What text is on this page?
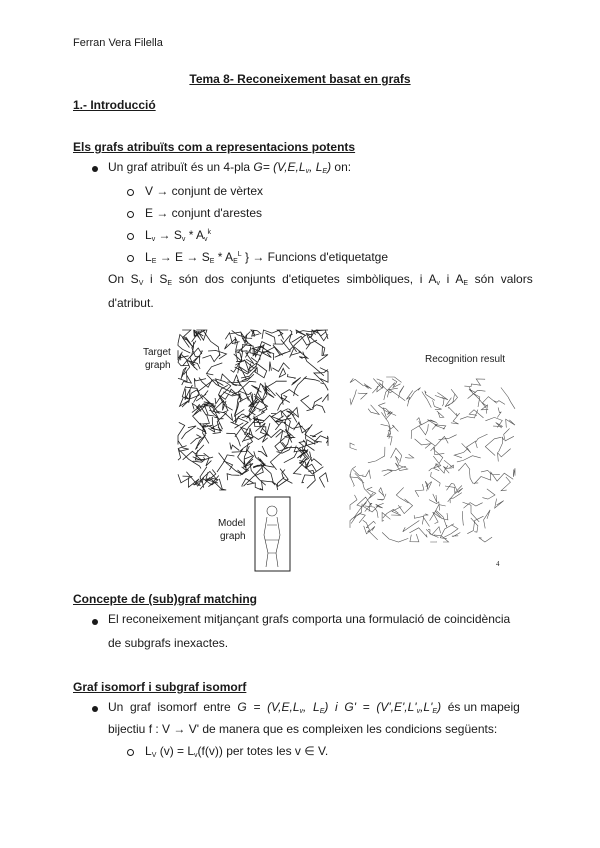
Ferran Vera Filella
Tema 8- Reconeixement basat en grafs
1.- Introducció
Els grafs atribuïts com a representacions potents
Un graf atribuït és un 4-pla $G= (V,E,L_v$, $L_E$) on:
V → conjunt de vèrtex
E → conjunt d'arestes
$L_v \to S_v * A_v^k$
$L_E \to E \to S_E * A_E^L$ } → Funcions d'etiquetatge
On  $S_V$  i  $S_E$  són  dos  conjunts  d'etiquetes  simbòliques,  i  $A_v$  i  $A_E$  són  valors
d'atribut.
Target
graph
Recognition result
Model
graph
4
Concepte de (sub)graf matching
El reconeixement mitjançant grafs comporta una formulació de coincidència
de subgrafs inexactes.
Graf isomorf i subgraf isomorf
Un  graf  isomorf  entre  $G = (V,E,L_v$,  $L_E$)  i  $G' = (V',E',L'_v,L'_E)$  és un mapeig
bijectiu f : V → V' de manera que es compleixen les condicions següents:
$L_V$ $(v) = L_v(f(v))$ per totes les v ∈ V.
